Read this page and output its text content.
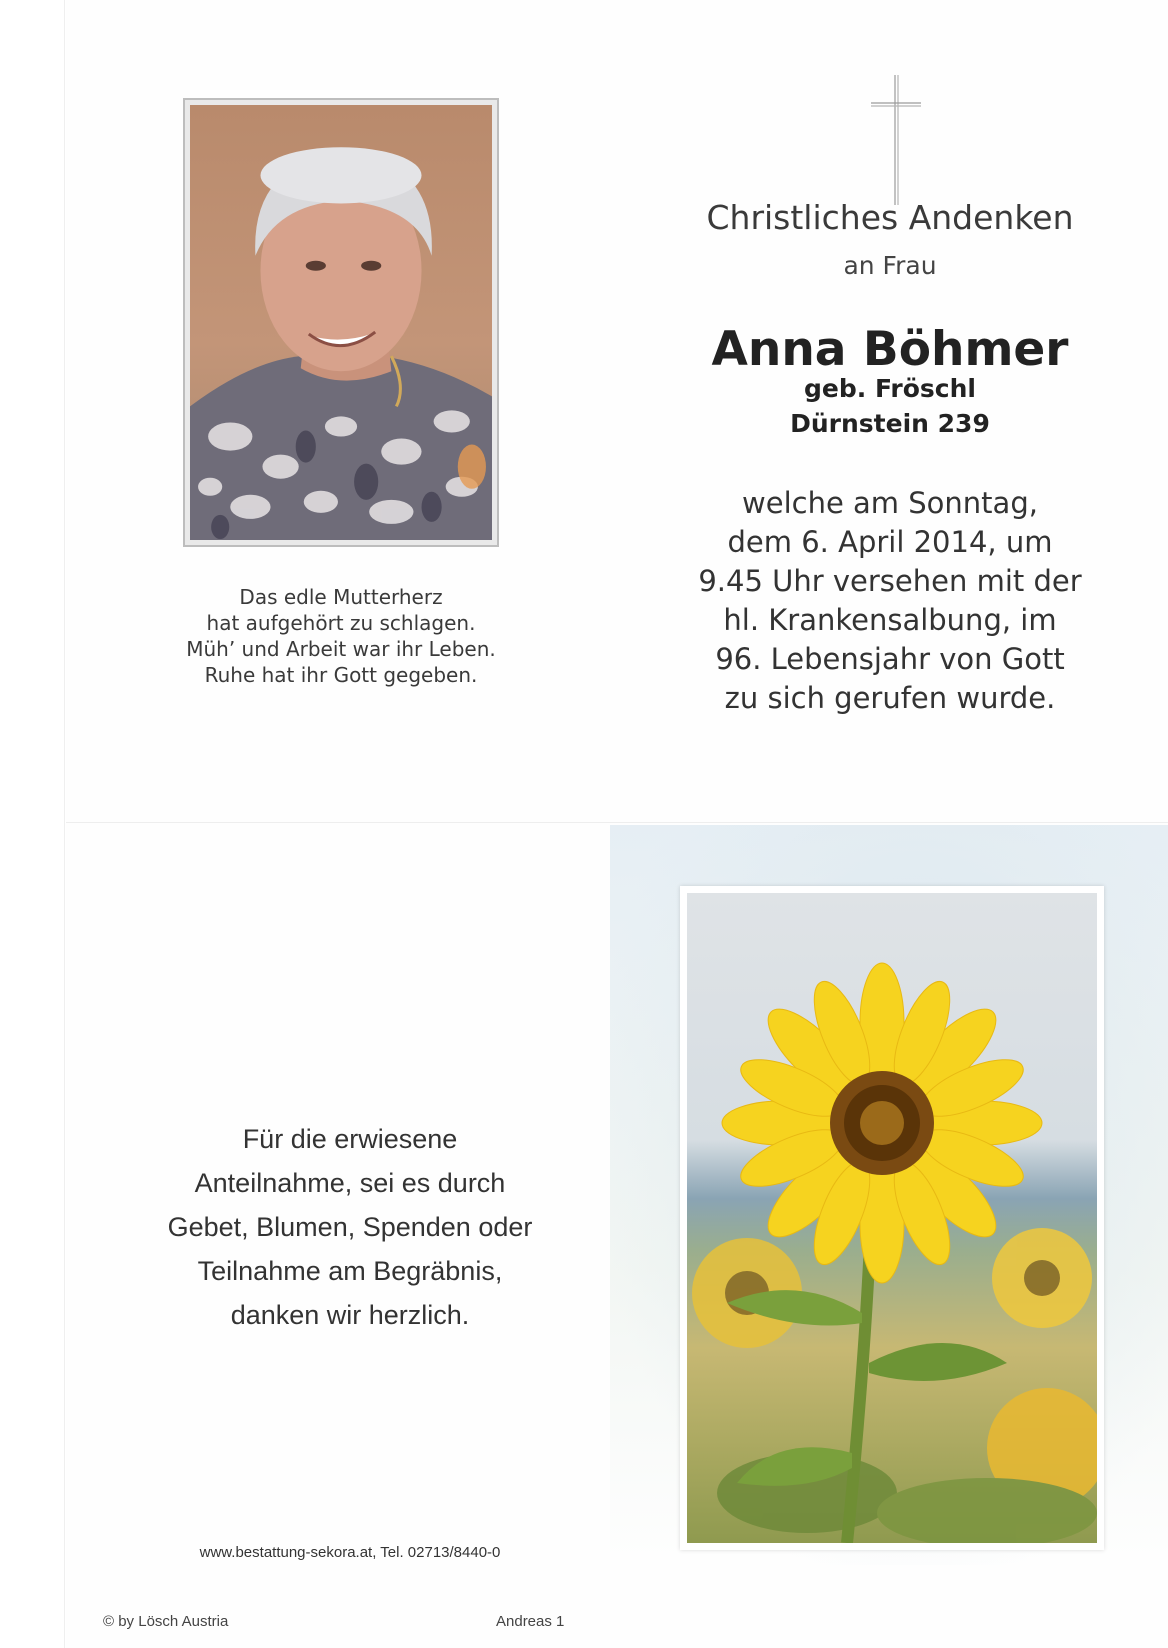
Das edle Mutterherz
hat aufgehört zu schlagen.
Müh’ und Arbeit war ihr Leben.
Ruhe hat ihr Gott gegeben.
Christliches Andenken
an Frau
Anna Böhmer
geb. Fröschl
Dürnstein 239
welche am Sonntag,
dem 6. April 2014, um
9.45 Uhr versehen mit der
hl. Krankensalbung, im
96. Lebensjahr von Gott
zu sich gerufen wurde.
Für die erwiesene
Anteilnahme, sei es durch
Gebet, Blumen, Spenden oder
Teilnahme am Begräbnis,
danken wir herzlich.
www.bestattung-sekora.at, Tel. 02713/8440-0
© by Lösch Austria	Andreas 1
